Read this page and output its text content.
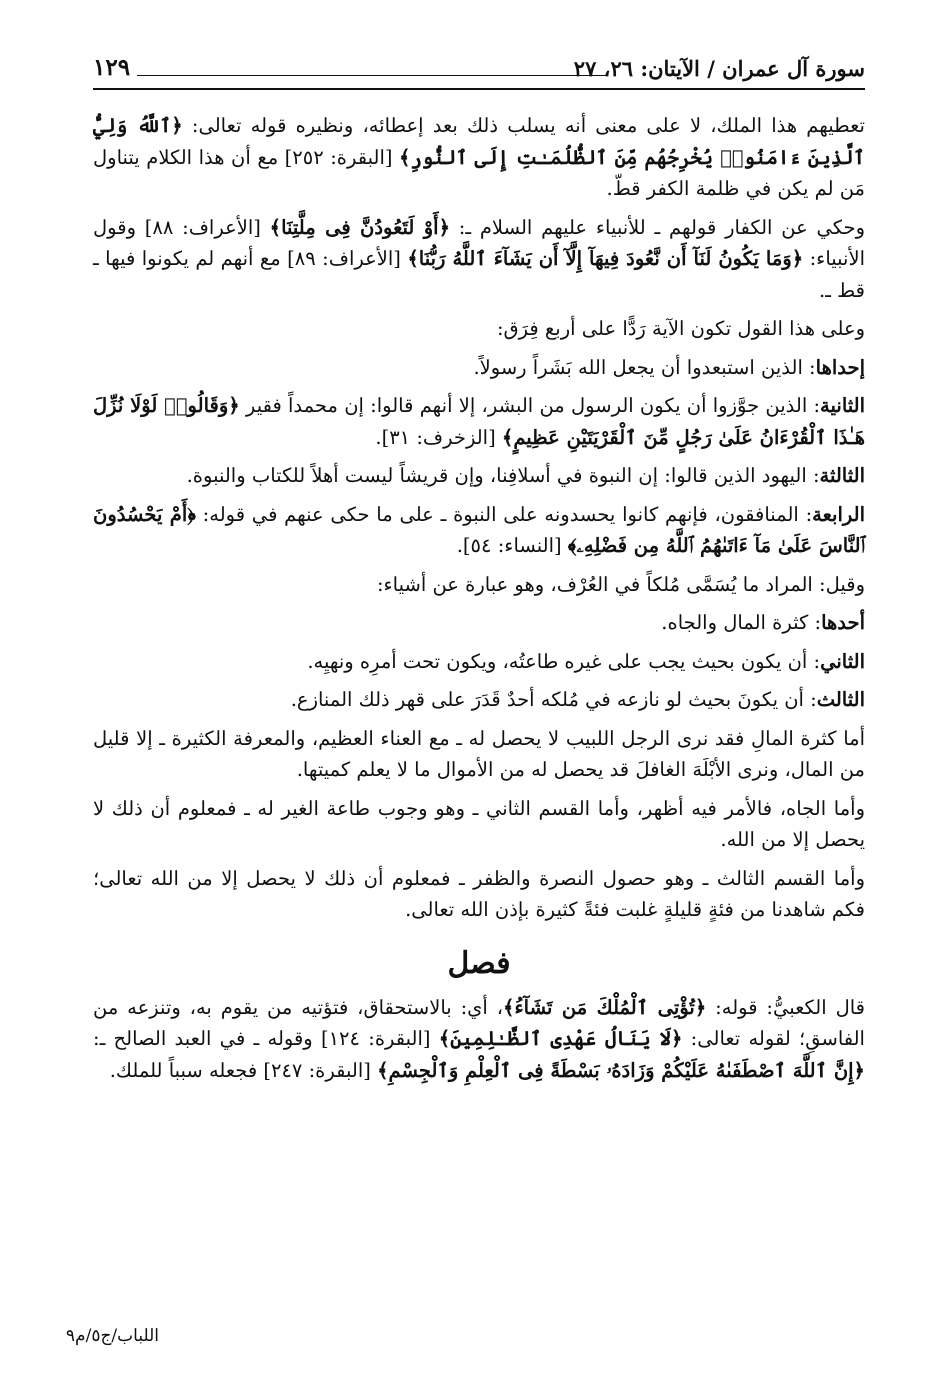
سورة آل عمران / الآيتان: ٢٦، ٢٧
١٢٩

تعطيهم هذا الملك، لا على معنى أنه يسلب ذلك بعد إعطائه، ونظيره قوله تعالى: ﴿ٱللَّهُ وَلِيُّ ٱلَّذِينَ ءَامَنُوا۟ يُخْرِجُهُم مِّنَ ٱلظُّلُمَـٰتِ إِلَى ٱلنُّورِ﴾ [البقرة: ٢٥٢] مع أن هذا الكلام يتناول مَن لم يكن في ظلمة الكفر قطّ.

وحكي عن الكفار قولهم ـ للأنبياء عليهم السلام ـ: ﴿أَوْ لَتَعُودُنَّ فِى مِلَّتِنَا﴾ [الأعراف: ٨٨] وقول الأنبياء: ﴿وَمَا يَكُونُ لَنَآ أَن نَّعُودَ فِيهَآ إِلَّآ أَن يَشَآءَ ٱللَّهُ رَبُّنَا﴾ [الأعراف: ٨٩] مع أنهم لم يكونوا فيها ـ قط ـ.

وعلى هذا القول تكون الآية رَدًّا على أربع فِرَق:

إحداها: الذين استبعدوا أن يجعل الله بَشَراً رسولاً.

الثانية: الذين جوَّزوا أن يكون الرسول من البشر، إلا أنهم قالوا: إن محمداً فقير ﴿وَقَالُوا۟ لَوْلَا نُزِّلَ هَـٰذَا ٱلْقُرْءَانُ عَلَىٰ رَجُلٍ مِّنَ ٱلْقَرْيَتَيْنِ عَظِيمٍ﴾ [الزخرف: ٣١].

الثالثة: اليهود الذين قالوا: إن النبوة في أسلافِنا، وإن قريشاً ليست أهلاً للكتاب والنبوة.

الرابعة: المنافقون، فإنهم كانوا يحسدونه على النبوة ـ على ما حكى عنهم في قوله: ﴿أَمْ يَحْسُدُونَ ٱلنَّاسَ عَلَىٰ مَآ ءَاتَىٰهُمُ ٱللَّهُ مِن فَضْلِهِۦ﴾ [النساء: ٥٤].

وقيل: المراد ما يُسَمَّى مُلكاً في العُرْف، وهو عبارة عن أشياء:

أحدها: كثرة المال والجاه.

الثاني: أن يكون بحيث يجب على غيره طاعتُه، ويكون تحت أمرِه ونهيِه.

الثالث: أن يكونَ بحيث لو نازعه في مُلكه أحدٌ قَدَرَ على قهر ذلك المنازع.

أما كثرة المالِ فقد نرى الرجل اللبيب لا يحصل له ـ مع العناء العظيم، والمعرفة الكثيرة ـ إلا قليل من المال، ونرى الأبْلَهَ الغافلَ قد يحصل له من الأموال ما لا يعلم كميتها.

وأما الجاه، فالأمر فيه أظهر، وأما القسم الثاني ـ وهو وجوب طاعة الغير له ـ فمعلوم أن ذلك لا يحصل إلا من الله.

وأما القسم الثالث ـ وهو حصول النصرة والظفر ـ فمعلوم أن ذلك لا يحصل إلا من الله تعالى؛ فكم شاهدنا من فئةٍ قليلةٍ غلبت فئةً كثيرة بإذن الله تعالى.

فصل

قال الكعبيُّ: قوله: ﴿تُؤْتِى ٱلْمُلْكَ مَن تَشَآءُ﴾، أي: بالاستحقاق، فتؤتيه من يقوم به، وتنزعه من الفاسقِ؛ لقوله تعالى: ﴿لَا يَنَالُ عَهْدِى ٱلظَّـٰلِمِينَ﴾ [البقرة: ١٢٤] وقوله ـ في العبد الصالح ـ: ﴿إِنَّ ٱللَّهَ ٱصْطَفَىٰهُ عَلَيْكُمْ وَزَادَهُۥ بَسْطَةً فِى ٱلْعِلْمِ وَٱلْجِسْمِ﴾ [البقرة: ٢٤٧] فجعله سبباً للملك.

اللباب/ج٥/م٩
